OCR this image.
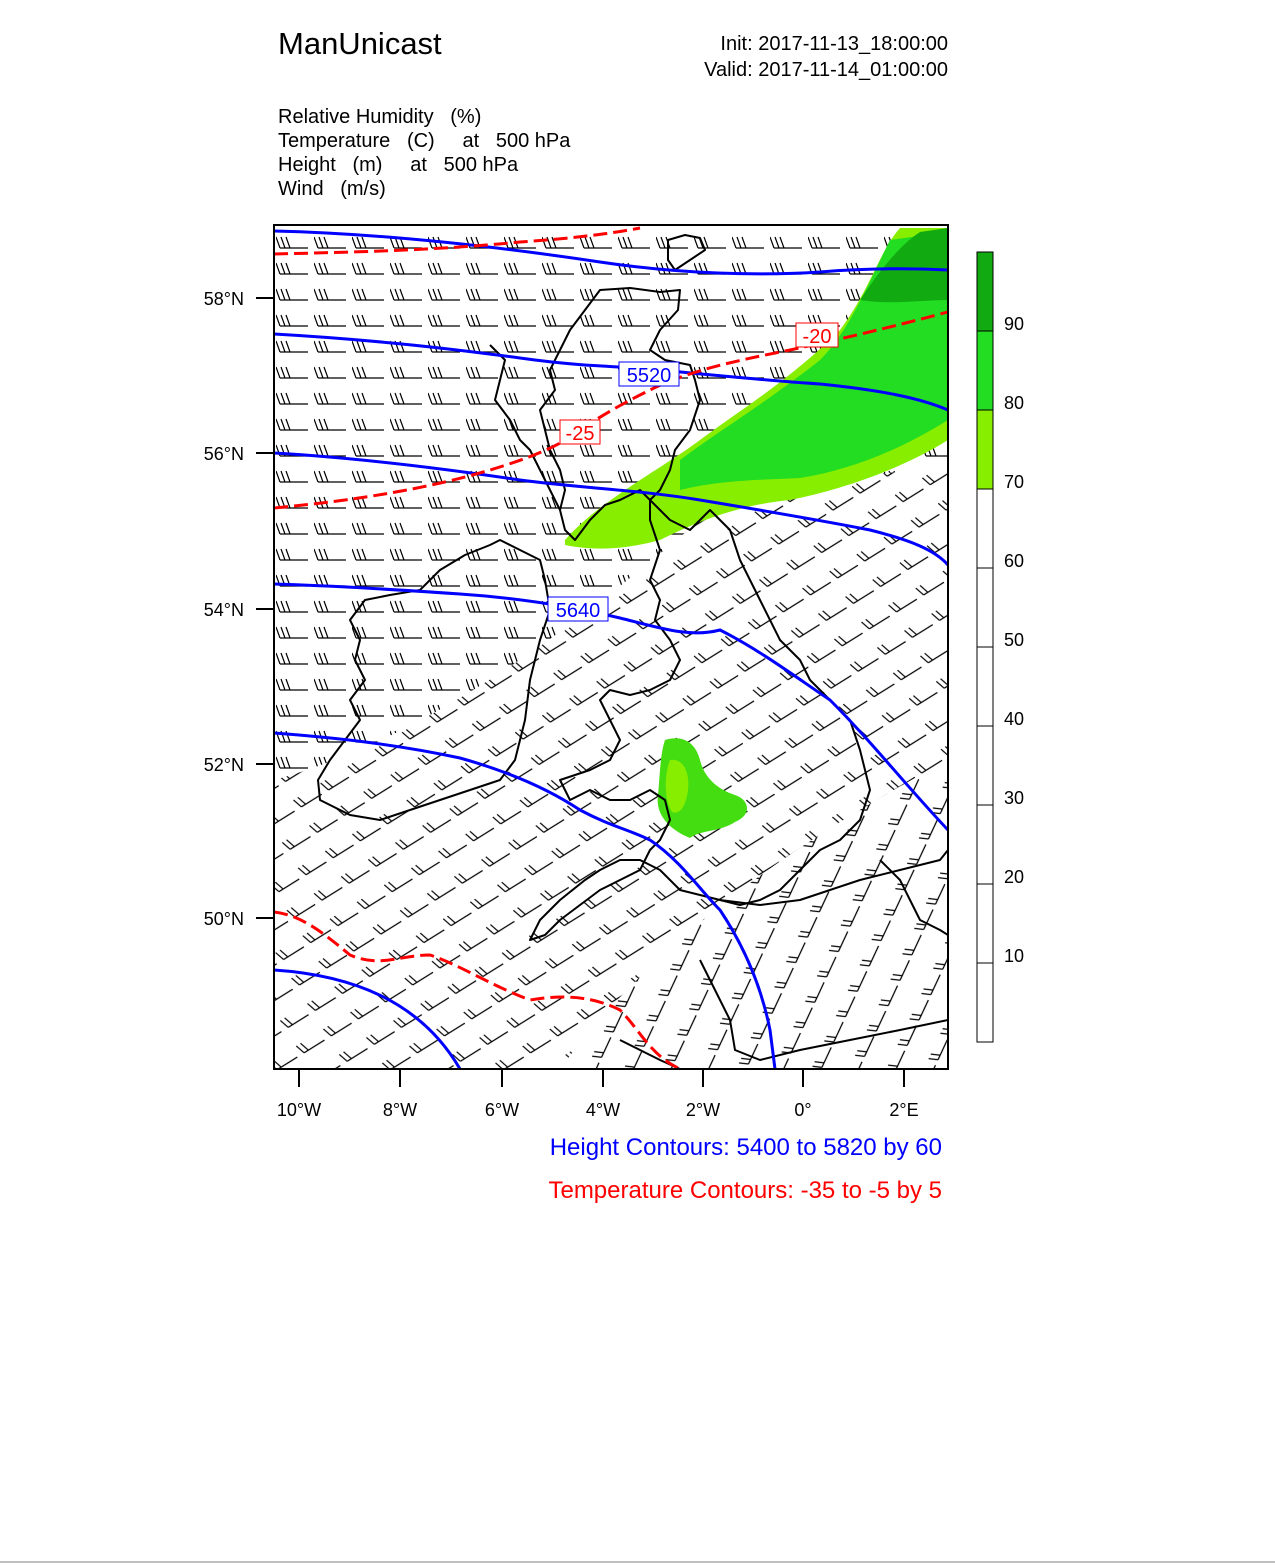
ManUnicast	Init: 2017-11-13_18:00:00
Valid: 2017-11-14_01:00:00
Relative Humidity   (%)
Temperature   (C)     at   500 hPa
Height   (m)     at   500 hPa
Wind   (m/s)
5520
5640
-20
-25
58°N
56°N
54°N
52°N
50°N
10°W	8°W	6°W	4°W	2°W	0°	2°E
90
80
70
60
50
40
30
20
10
Height Contours: 5400 to 5820 by 60
Temperature Contours: -35 to -5 by 5
